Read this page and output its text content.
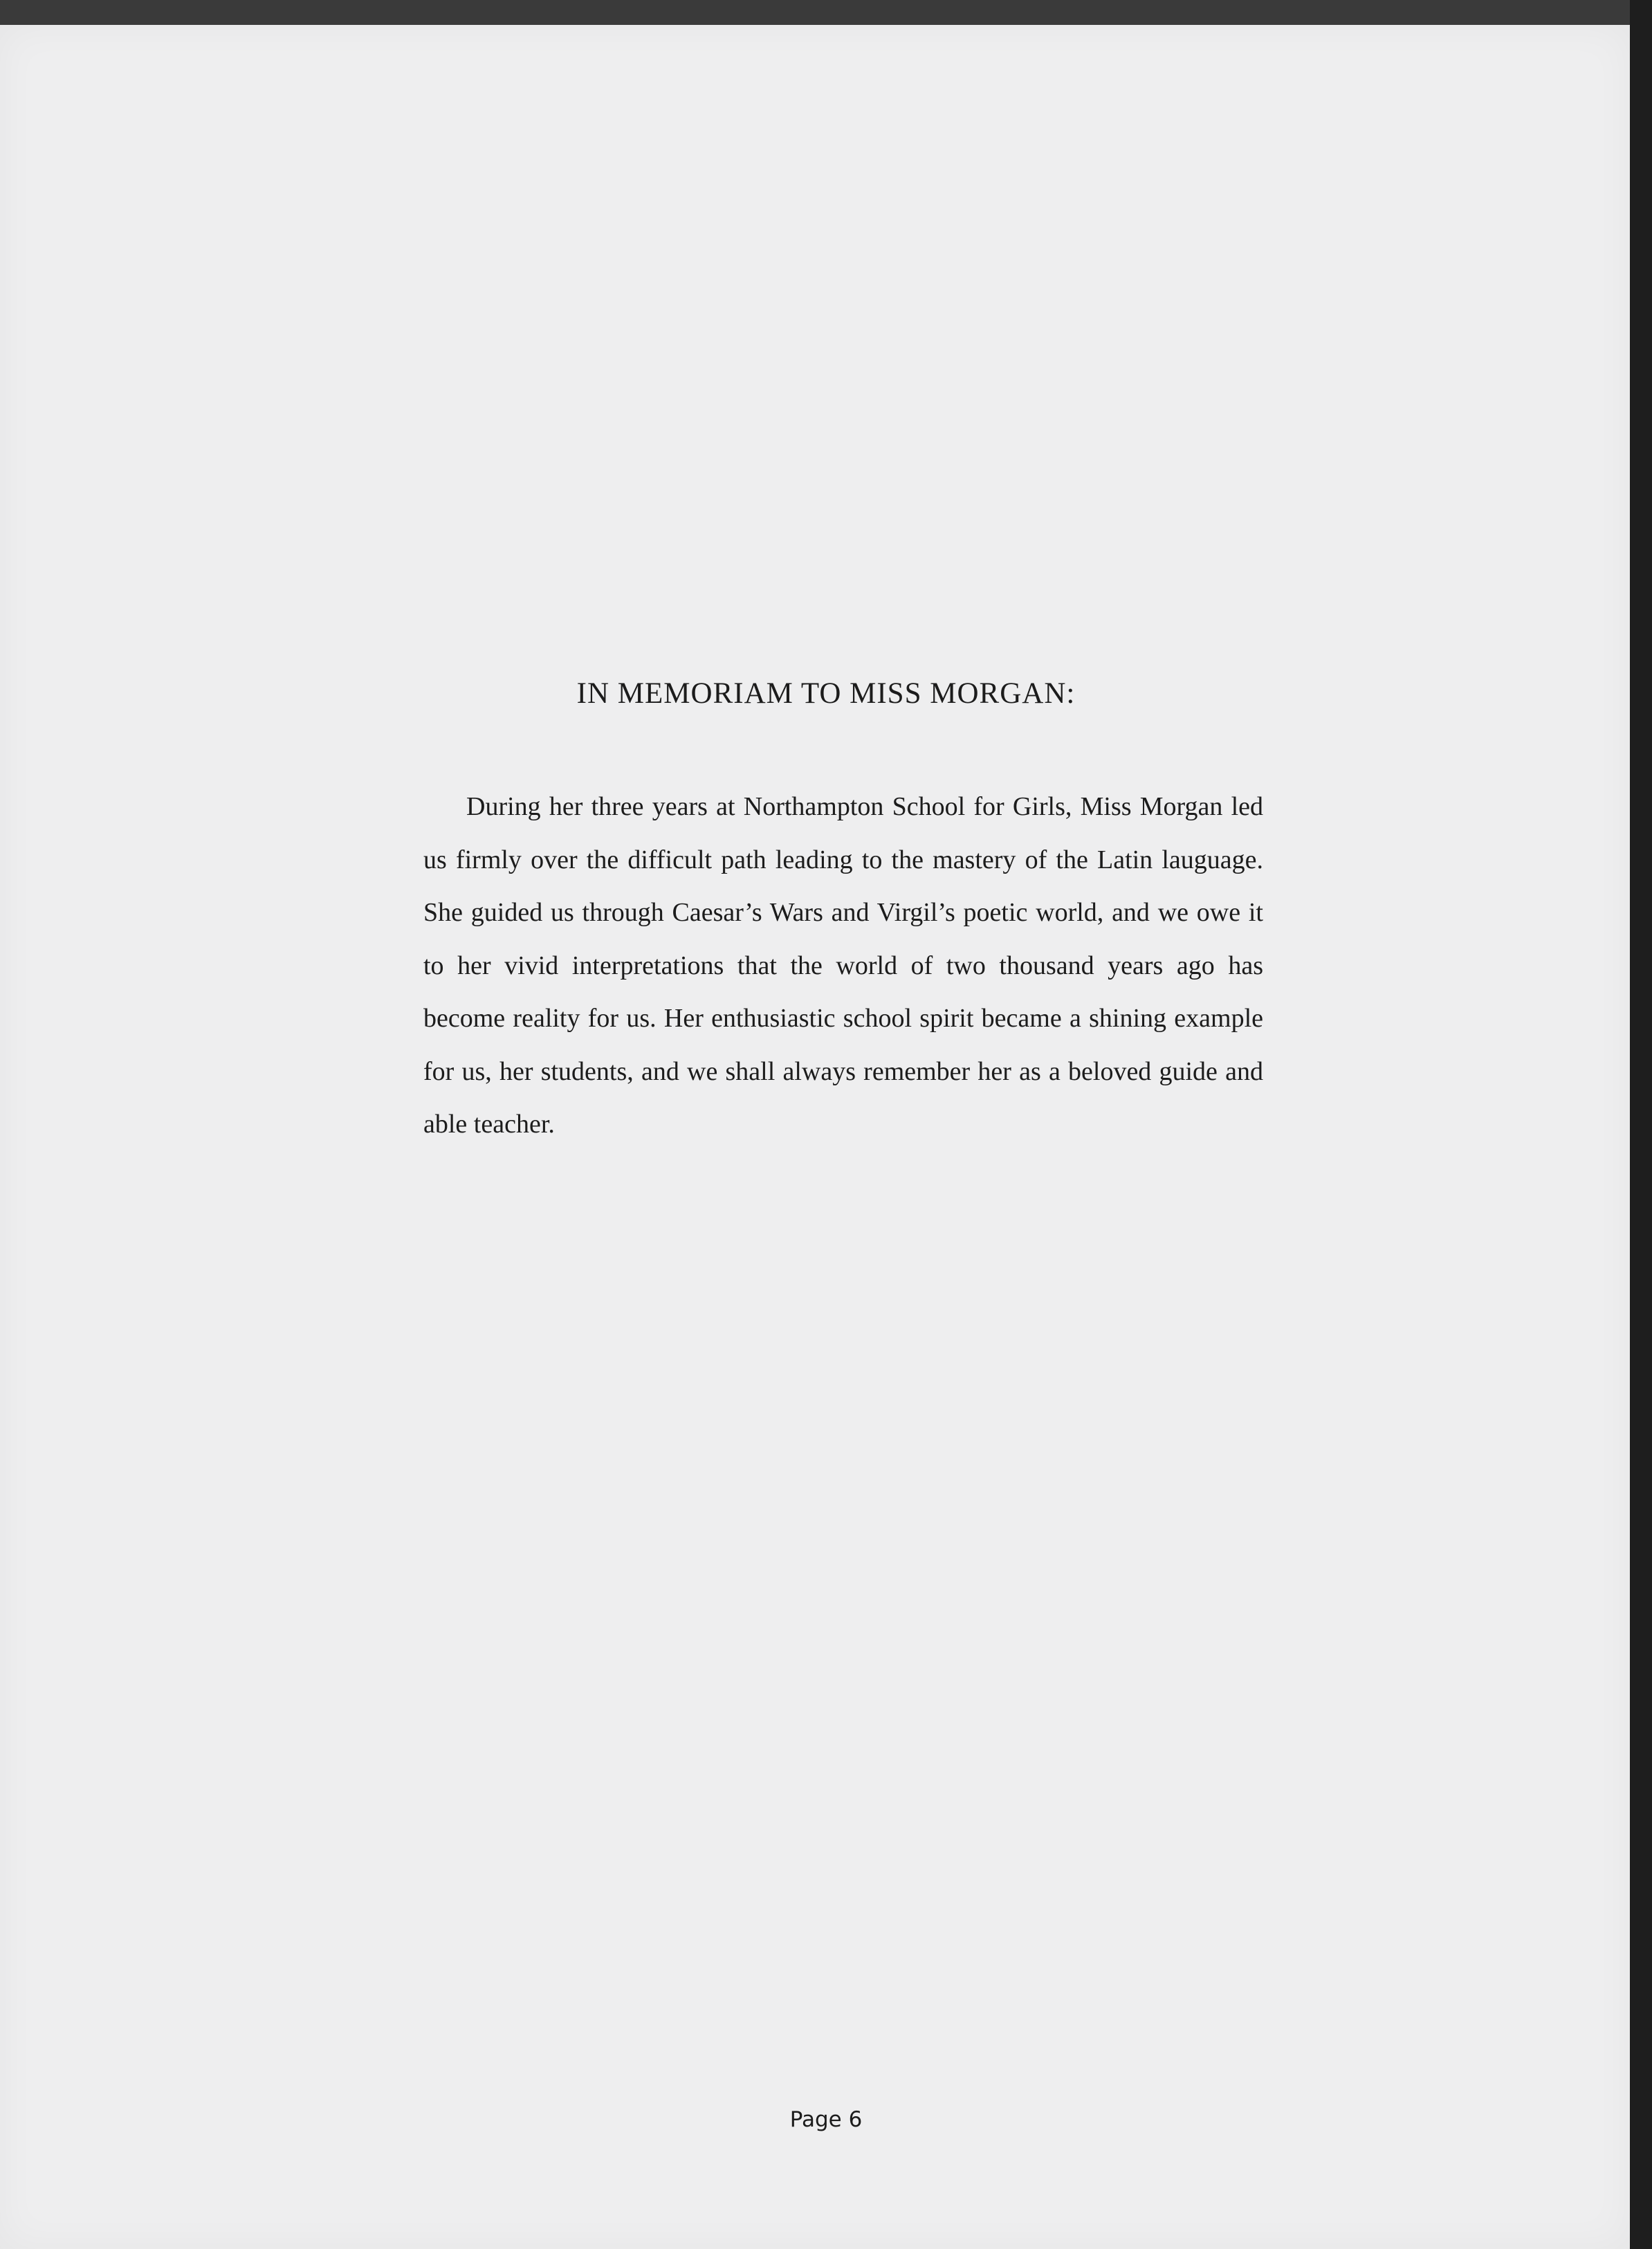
IN MEMORIAM TO MISS MORGAN:

During her three years at Northampton School for Girls, Miss Morgan led us firmly over the difficult path leading to the mastery of the Latin lauguage. She guided us through Caesar’s Wars and Virgil’s poetic world, and we owe it to her vivid interpretations that the world of two thousand years ago has become reality for us. Her enthusiastic school spirit became a shining example for us, her students, and we shall always remember her as a beloved guide and able teacher.

Page 6
